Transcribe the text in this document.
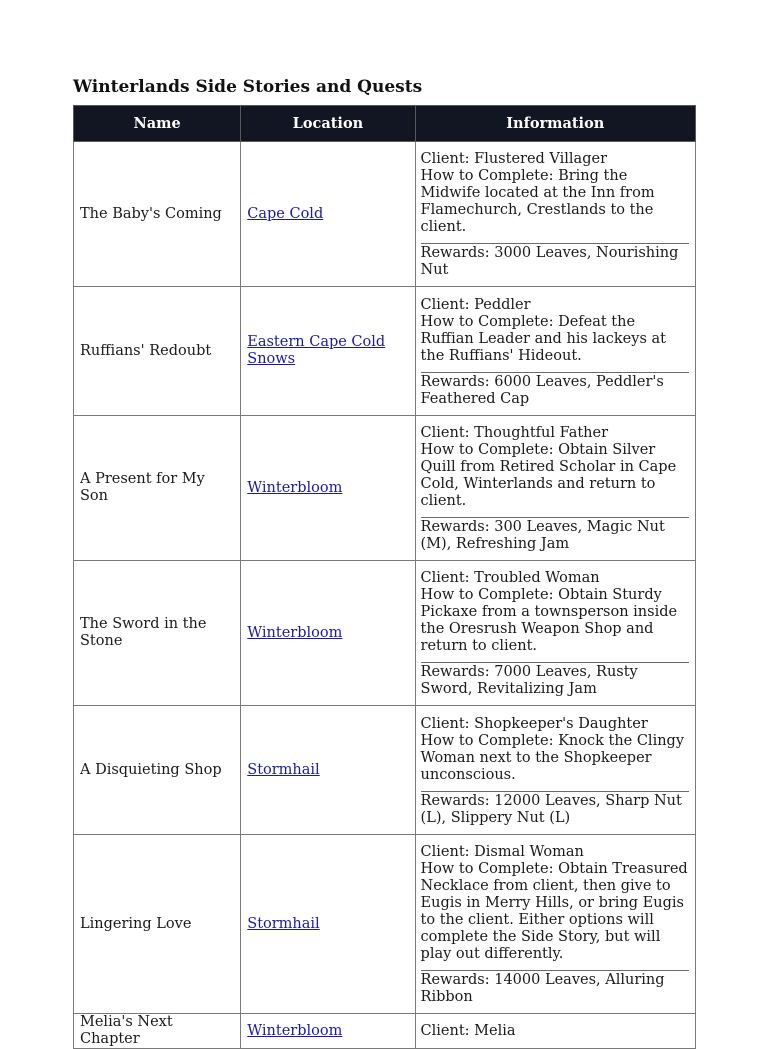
Winterlands Side Stories and Quests
Name	Location	Information
The Baby's Coming	Cape Cold	Client: Flustered Villager
How to Complete: Bring the Midwife located at the Inn from Flamechurch, Crestlands to the client.
Rewards: 3000 Leaves, Nourishing Nut

Ruffians' Redoubt	Eastern Cape Cold Snows	Client: Peddler
How to Complete: Defeat the Ruffian Leader and his lackeys at the Ruffians' Hideout.
Rewards: 6000 Leaves, Peddler's Feathered Cap

A Present for My Son	Winterbloom	Client: Thoughtful Father
How to Complete: Obtain Silver Quill from Retired Scholar in Cape Cold, Winterlands and return to client.
Rewards: 300 Leaves, Magic Nut (M), Refreshing Jam

The Sword in the Stone	Winterbloom	Client: Troubled Woman
How to Complete: Obtain Sturdy Pickaxe from a townsperson inside the Oresrush Weapon Shop and return to client.
Rewards: 7000 Leaves, Rusty Sword, Revitalizing Jam

A Disquieting Shop	Stormhail	Client: Shopkeeper's Daughter
How to Complete: Knock the Clingy Woman next to the Shopkeeper unconscious.
Rewards: 12000 Leaves, Sharp Nut (L), Slippery Nut (L)

Lingering Love	Stormhail	Client: Dismal Woman
How to Complete: Obtain Treasured Necklace from client, then give to Eugis in Merry Hills, or bring Eugis to the client. Either options will complete the Side Story, but will play out differently.
Rewards: 14000 Leaves, Alluring Ribbon

Melia's Next Chapter	Winterbloom	Client: Melia
